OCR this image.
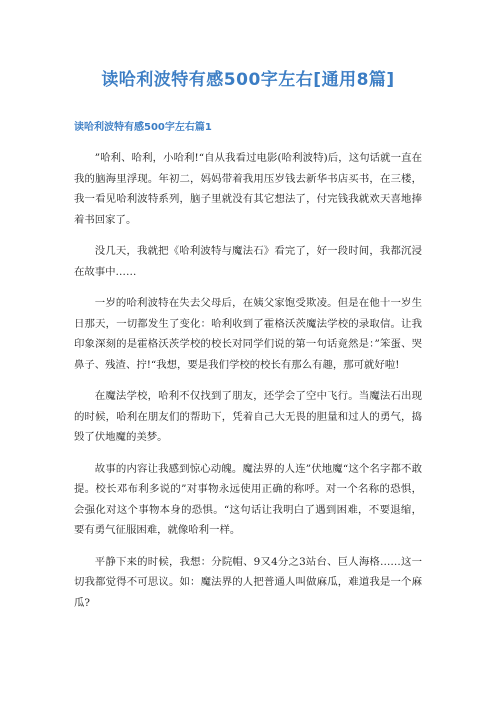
读哈利波特有感500字左右[通用8篇]
读哈利波特有感500字左右篇1

”哈利、哈利，小哈利!“自从我看过电影(哈利波特)后，这句话就一直在我的脑海里浮现。年初二，妈妈带着我用压岁钱去新华书店买书，在三楼，我一看见哈利波特系列，脑子里就没有其它想法了，付完钱我就欢天喜地捧着书回家了。

没几天，我就把《哈利波特与魔法石》看完了，好一段时间，我都沉浸在故事中……

一岁的哈利波特在失去父母后，在姨父家饱受欺凌。但是在他十一岁生日那天，一切都发生了变化：哈利收到了霍格沃茨魔法学校的录取信。让我印象深刻的是霍格沃茨学校的校长对同学们说的第一句话竟然是：”笨蛋、哭鼻子、残渣、拧!“我想，要是我们学校的校长有那么有趣，那可就好啦!

在魔法学校，哈利不仅找到了朋友，还学会了空中飞行。当魔法石出现的时候，哈利在朋友们的帮助下，凭着自己大无畏的胆量和过人的勇气，捣毁了伏地魔的美梦。

故事的内容让我感到惊心动魄。魔法界的人连”伏地魔“这个名字都不敢提。校长邓布利多说的”对事物永远使用正确的称呼。对一个名称的恐惧，会强化对这个事物本身的恐惧。“这句话让我明白了遇到困难，不要退缩，要有勇气征服困难，就像哈利一样。

平静下来的时候，我想：分院帽、9又4分之3站台、巨人海格……这一切我都觉得不可思议。如：魔法界的人把普通人叫做麻瓜，难道我是一个麻瓜?
